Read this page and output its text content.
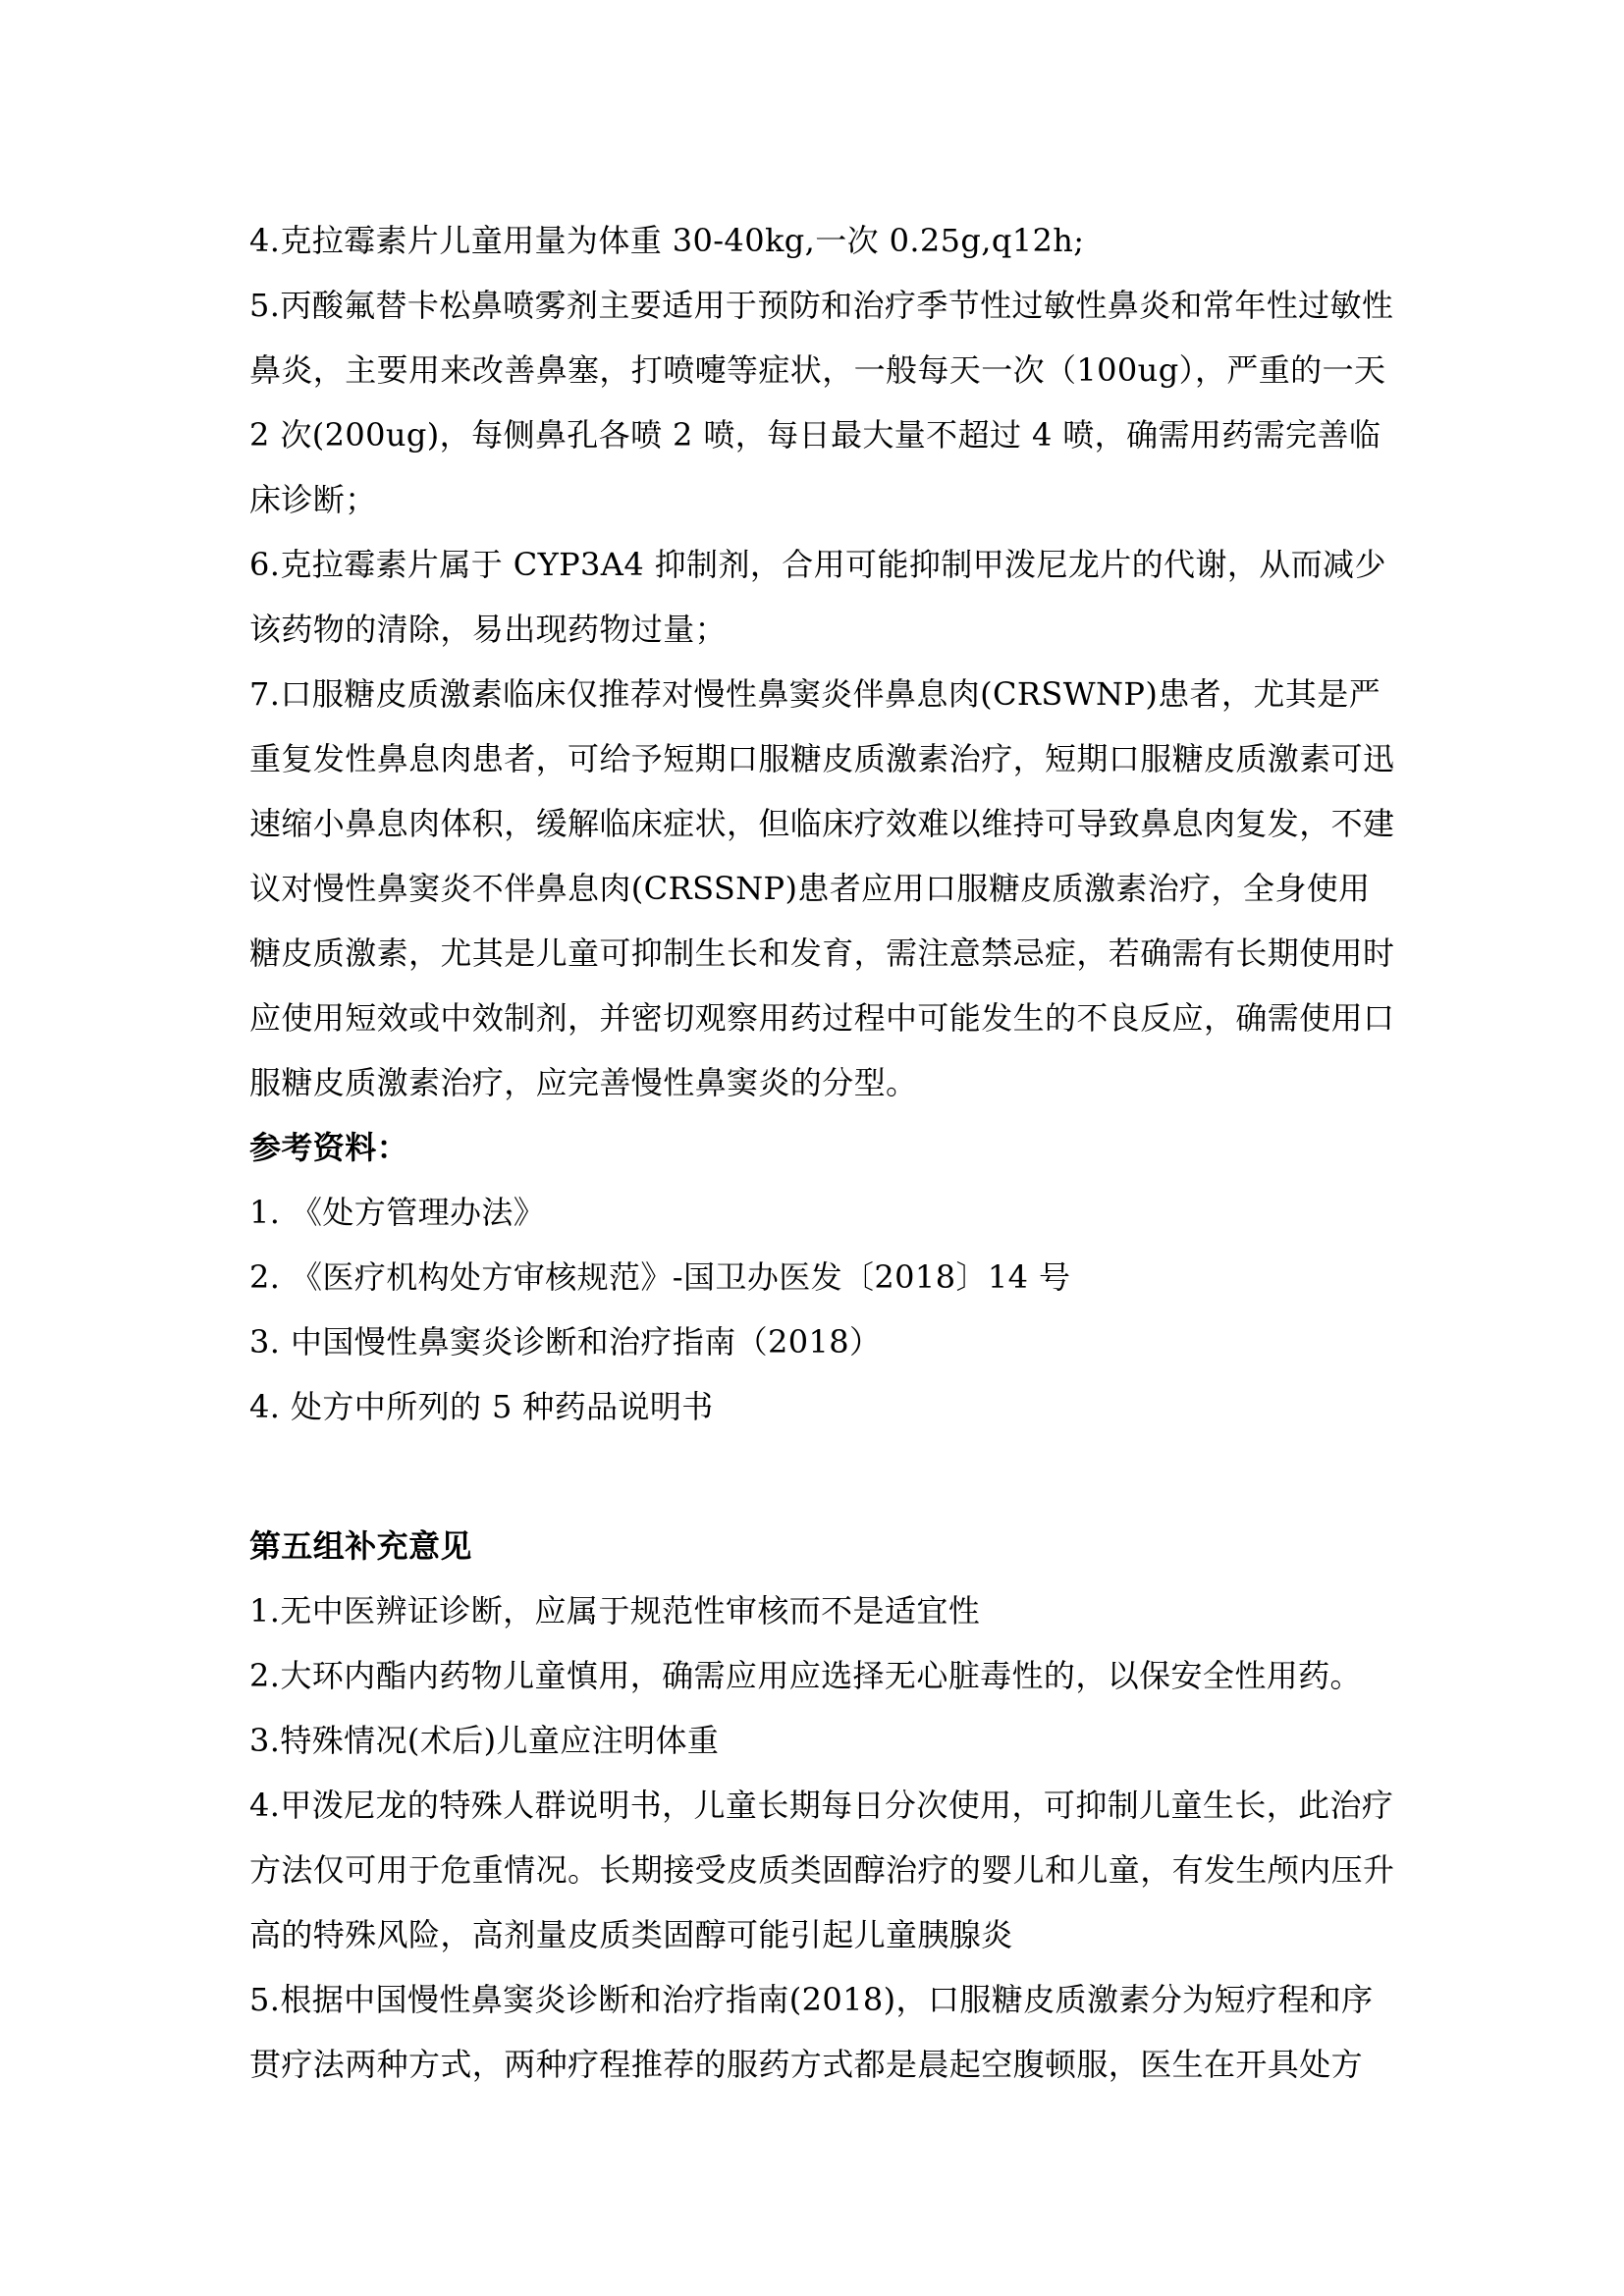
4.克拉霉素片儿童用量为体重 30-40kg,一次 0.25g,q12h;

5.丙酸氟替卡松鼻喷雾剂主要适用于预防和治疗季节性过敏性鼻炎和常年性过敏性鼻炎，主要用来改善鼻塞，打喷嚏等症状，一般每天一次（100ug），严重的一天 2 次(200ug)，每侧鼻孔各喷 2 喷，每日最大量不超过 4 喷，确需用药需完善临床诊断；

6.克拉霉素片属于 CYP3A4 抑制剂，合用可能抑制甲泼尼龙片的代谢，从而减少该药物的清除，易出现药物过量；

7.口服糖皮质激素临床仅推荐对慢性鼻窦炎伴鼻息肉(CRSWNP)患者，尤其是严重复发性鼻息肉患者，可给予短期口服糖皮质激素治疗，短期口服糖皮质激素可迅速缩小鼻息肉体积，缓解临床症状，但临床疗效难以维持可导致鼻息肉复发，不建议对慢性鼻窦炎不伴鼻息肉(CRSSNP)患者应用口服糖皮质激素治疗，全身使用糖皮质激素，尤其是儿童可抑制生长和发育，需注意禁忌症，若确需有长期使用时应使用短效或中效制剂，并密切观察用药过程中可能发生的不良反应，确需使用口服糖皮质激素治疗，应完善慢性鼻窦炎的分型。

参考资料：

1. 《处方管理办法》
2. 《医疗机构处方审核规范》-国卫办医发〔2018〕14 号
3. 中国慢性鼻窦炎诊断和治疗指南（2018）
4. 处方中所列的 5 种药品说明书

第五组补充意见

1.无中医辨证诊断，应属于规范性审核而不是适宜性

2.大环内酯内药物儿童慎用，确需应用应选择无心脏毒性的，以保安全性用药。

3.特殊情况(术后)儿童应注明体重

4.甲泼尼龙的特殊人群说明书，儿童长期每日分次使用，可抑制儿童生长，此治疗方法仅可用于危重情况。长期接受皮质类固醇治疗的婴儿和儿童，有发生颅内压升高的特殊风险，高剂量皮质类固醇可能引起儿童胰腺炎

5.根据中国慢性鼻窦炎诊断和治疗指南(2018)，口服糖皮质激素分为短疗程和序贯疗法两种方式，两种疗程推荐的服药方式都是晨起空腹顿服，医生在开具处方
